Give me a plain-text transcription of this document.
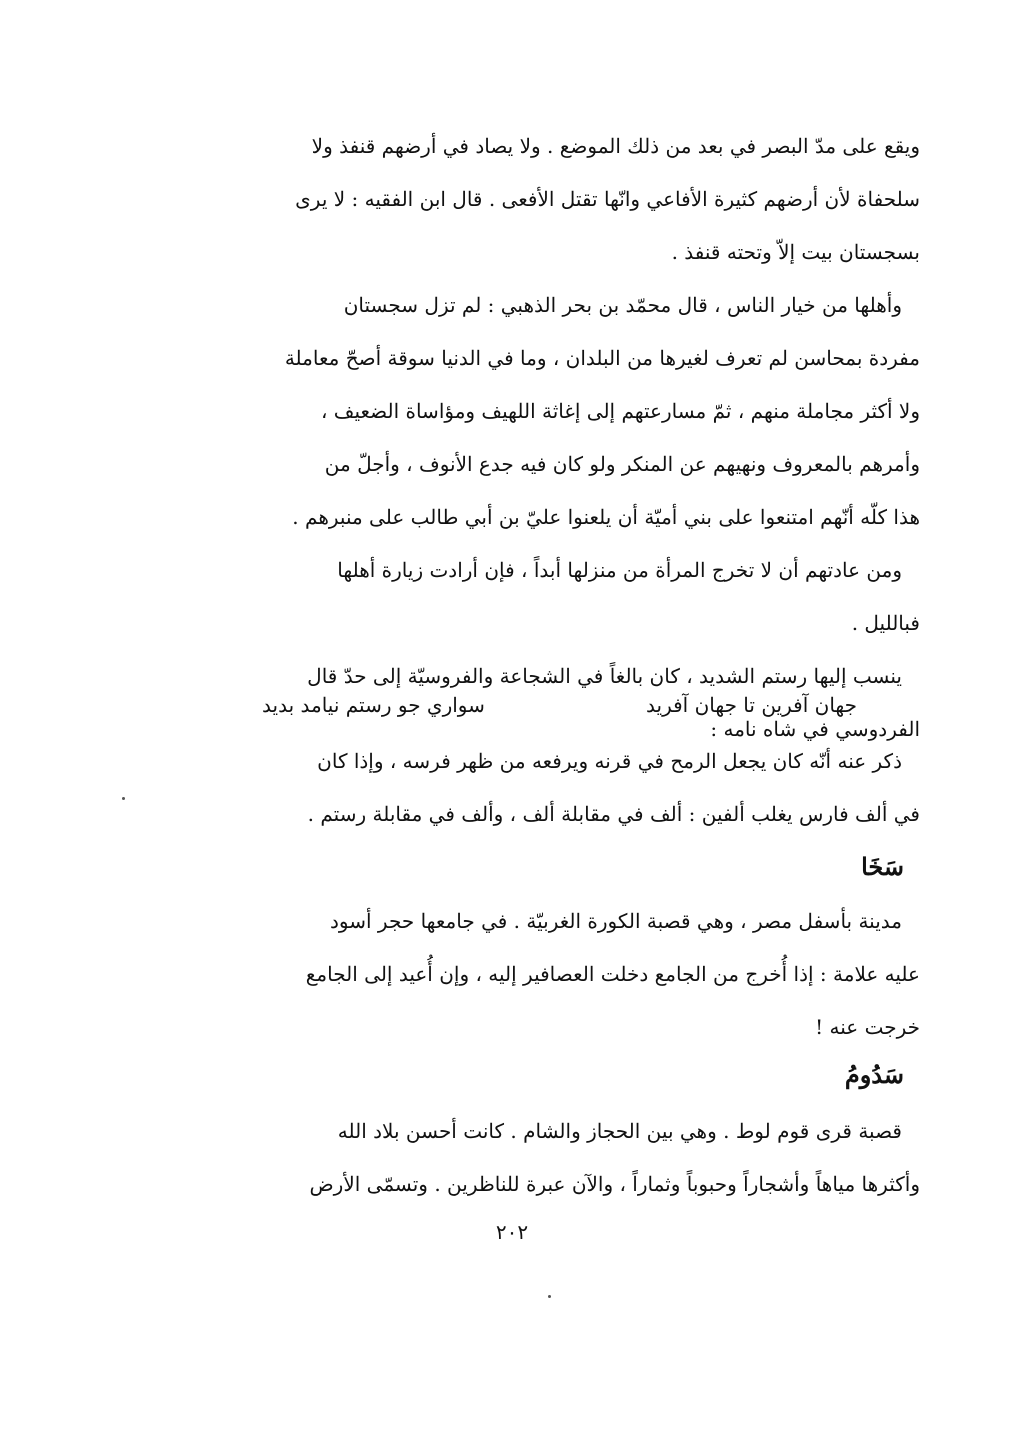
ويقع على مدّ البصر في بعد من ذلك الموضع . ولا يصاد في أرضهم قنفذ ولا
سلحفاة لأن أرضهم كثيرة الأفاعي وانّها تقتل الأفعى . قال ابن الفقيه : لا يرى
بسجستان بيت إلاّ وتحته قنفذ .
وأهلها من خيار الناس ، قال محمّد بن بحر الذهبي : لم تزل سجستان
مفردة بمحاسن لم تعرف لغيرها من البلدان ، وما في الدنيا سوقة أصحّ معاملة
ولا أكثر مجاملة منهم ، ثمّ مسارعتهم إلى إغاثة اللهيف ومؤاساة الضعيف ،
وأمرهم بالمعروف ونهيهم عن المنكر ولو كان فيه جدع الأنوف ، وأجلّ من
هذا كلّه أنّهم امتنعوا على بني أميّة أن يلعنوا عليّ بن أبي طالب على منبرهم .
ومن عادتهم أن لا تخرج المرأة من منزلها أبداً ، فإن أرادت زيارة أهلها
فبالليل .
ينسب إليها رستم الشديد ، كان بالغاً في الشجاعة والفروسيّة إلى حدّ قال
الفردوسي في شاه نامه :
جهان آفرين تا جهان آفريد
سواري جو رستم نيامد بديد
ذكر عنه أنّه كان يجعل الرمح في قرنه ويرفعه من ظهر فرسه ، وإذا كان
في ألف فارس يغلب ألفين : ألف في مقابلة ألف ، وألف في مقابلة رستم .
سَخَا
مدينة بأسفل مصر ، وهي قصبة الكورة الغربيّة . في جامعها حجر أسود
عليه علامة : إذا أُخرج من الجامع دخلت العصافير إليه ، وإن أُعيد إلى الجامع
خرجت عنه !
سَدُومُ
قصبة قرى قوم لوط . وهي بين الحجاز والشام . كانت أحسن بلاد الله
وأكثرها مياهاً وأشجاراً وحبوباً وثماراً ، والآن عبرة للناظرين . وتسمّى الأرض
٢٠٢
